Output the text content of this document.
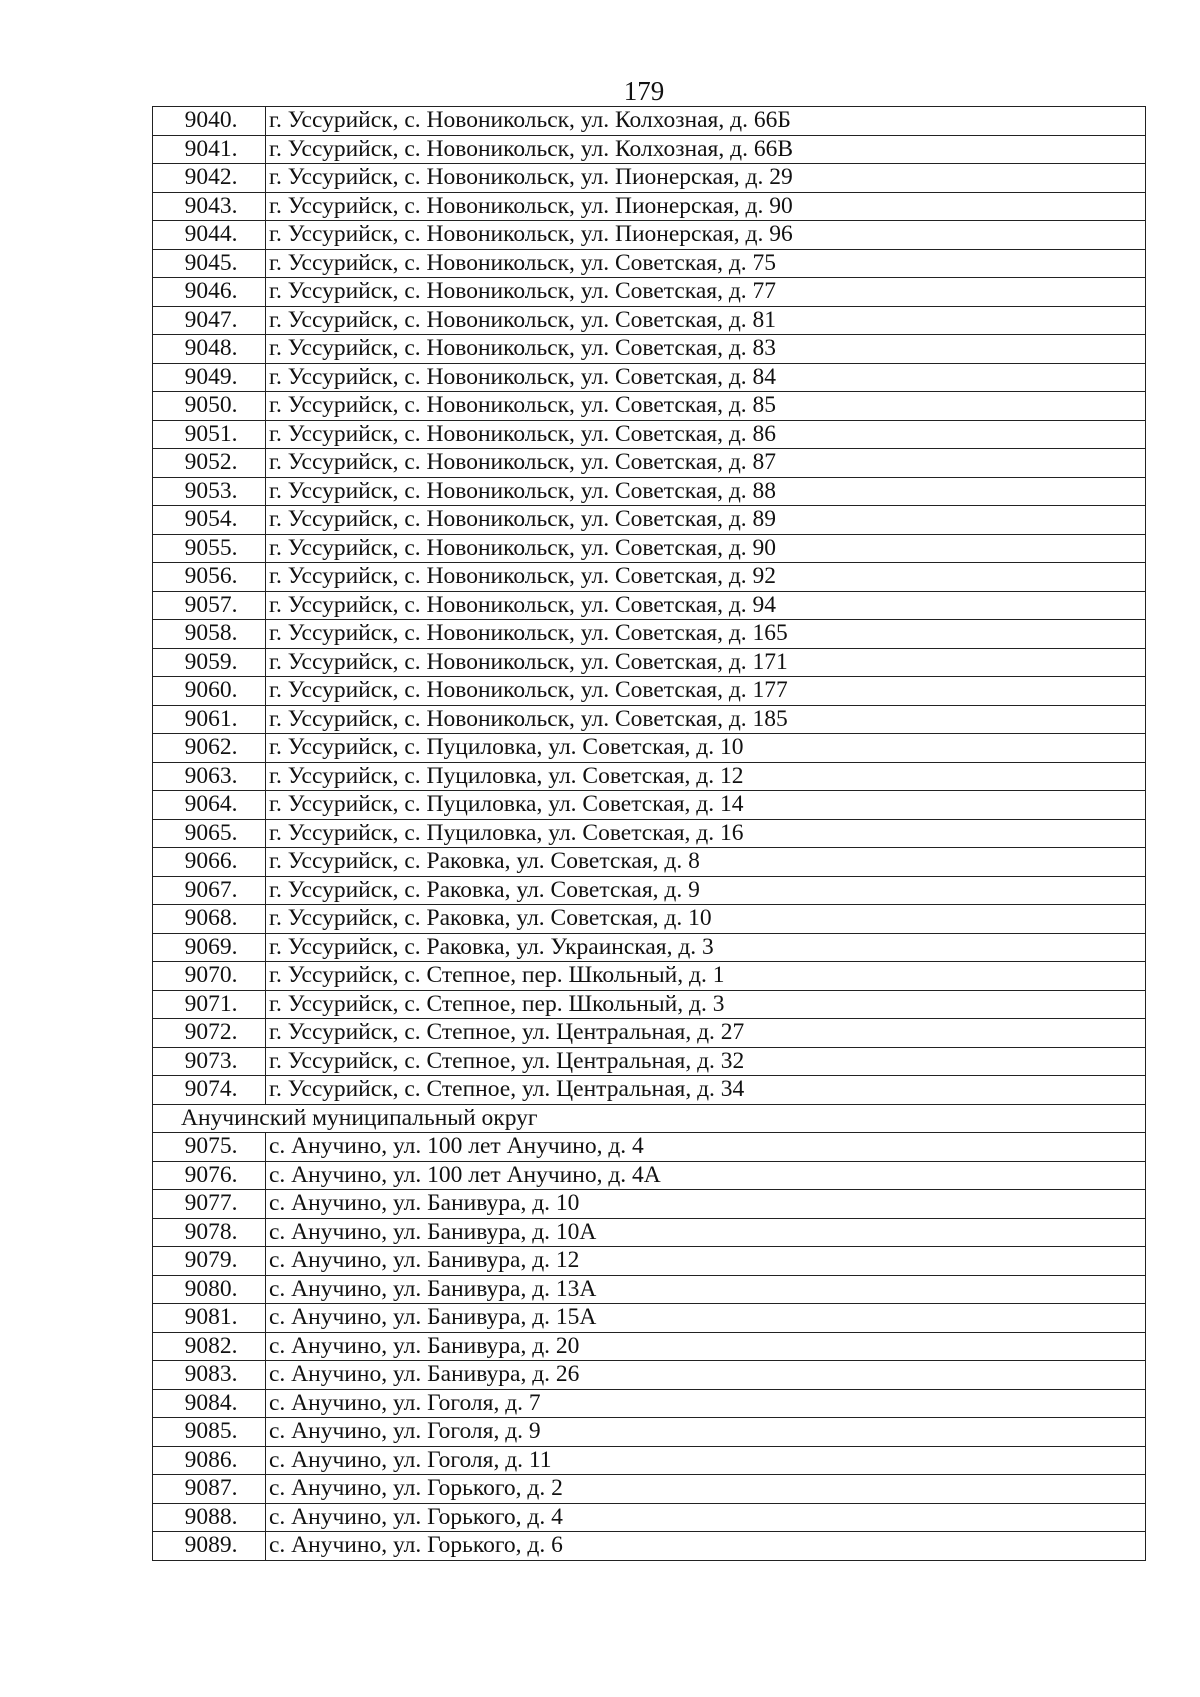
179
9040.	г. Уссурийск, с. Новоникольск, ул. Колхозная, д. 66Б
9041.	г. Уссурийск, с. Новоникольск, ул. Колхозная, д. 66В
9042.	г. Уссурийск, с. Новоникольск, ул. Пионерская, д. 29
9043.	г. Уссурийск, с. Новоникольск, ул. Пионерская, д. 90
9044.	г. Уссурийск, с. Новоникольск, ул. Пионерская, д. 96
9045.	г. Уссурийск, с. Новоникольск, ул. Советская, д. 75
9046.	г. Уссурийск, с. Новоникольск, ул. Советская, д. 77
9047.	г. Уссурийск, с. Новоникольск, ул. Советская, д. 81
9048.	г. Уссурийск, с. Новоникольск, ул. Советская, д. 83
9049.	г. Уссурийск, с. Новоникольск, ул. Советская, д. 84
9050.	г. Уссурийск, с. Новоникольск, ул. Советская, д. 85
9051.	г. Уссурийск, с. Новоникольск, ул. Советская, д. 86
9052.	г. Уссурийск, с. Новоникольск, ул. Советская, д. 87
9053.	г. Уссурийск, с. Новоникольск, ул. Советская, д. 88
9054.	г. Уссурийск, с. Новоникольск, ул. Советская, д. 89
9055.	г. Уссурийск, с. Новоникольск, ул. Советская, д. 90
9056.	г. Уссурийск, с. Новоникольск, ул. Советская, д. 92
9057.	г. Уссурийск, с. Новоникольск, ул. Советская, д. 94
9058.	г. Уссурийск, с. Новоникольск, ул. Советская, д. 165
9059.	г. Уссурийск, с. Новоникольск, ул. Советская, д. 171
9060.	г. Уссурийск, с. Новоникольск, ул. Советская, д. 177
9061.	г. Уссурийск, с. Новоникольск, ул. Советская, д. 185
9062.	г. Уссурийск, с. Пуциловка, ул. Советская, д. 10
9063.	г. Уссурийск, с. Пуциловка, ул. Советская, д. 12
9064.	г. Уссурийск, с. Пуциловка, ул. Советская, д. 14
9065.	г. Уссурийск, с. Пуциловка, ул. Советская, д. 16
9066.	г. Уссурийск, с. Раковка, ул. Советская, д. 8
9067.	г. Уссурийск, с. Раковка, ул. Советская, д. 9
9068.	г. Уссурийск, с. Раковка, ул. Советская, д. 10
9069.	г. Уссурийск, с. Раковка, ул. Украинская, д. 3
9070.	г. Уссурийск, с. Степное, пер. Школьный, д. 1
9071.	г. Уссурийск, с. Степное, пер. Школьный, д. 3
9072.	г. Уссурийск, с. Степное, ул. Центральная, д. 27
9073.	г. Уссурийск, с. Степное, ул. Центральная, д. 32
9074.	г. Уссурийск, с. Степное, ул. Центральная, д. 34
Анучинский муниципальный округ	
9075.	с. Анучино, ул. 100 лет Анучино, д. 4
9076.	с. Анучино, ул. 100 лет Анучино, д. 4А
9077.	с. Анучино, ул. Банивура, д. 10
9078.	с. Анучино, ул. Банивура, д. 10А
9079.	с. Анучино, ул. Банивура, д. 12
9080.	с. Анучино, ул. Банивура, д. 13А
9081.	с. Анучино, ул. Банивура, д. 15А
9082.	с. Анучино, ул. Банивура, д. 20
9083.	с. Анучино, ул. Банивура, д. 26
9084.	с. Анучино, ул. Гоголя, д. 7
9085.	с. Анучино, ул. Гоголя, д. 9
9086.	с. Анучино, ул. Гоголя, д. 11
9087.	с. Анучино, ул. Горького, д. 2
9088.	с. Анучино, ул. Горького, д. 4
9089.	с. Анучино, ул. Горького, д. 6
